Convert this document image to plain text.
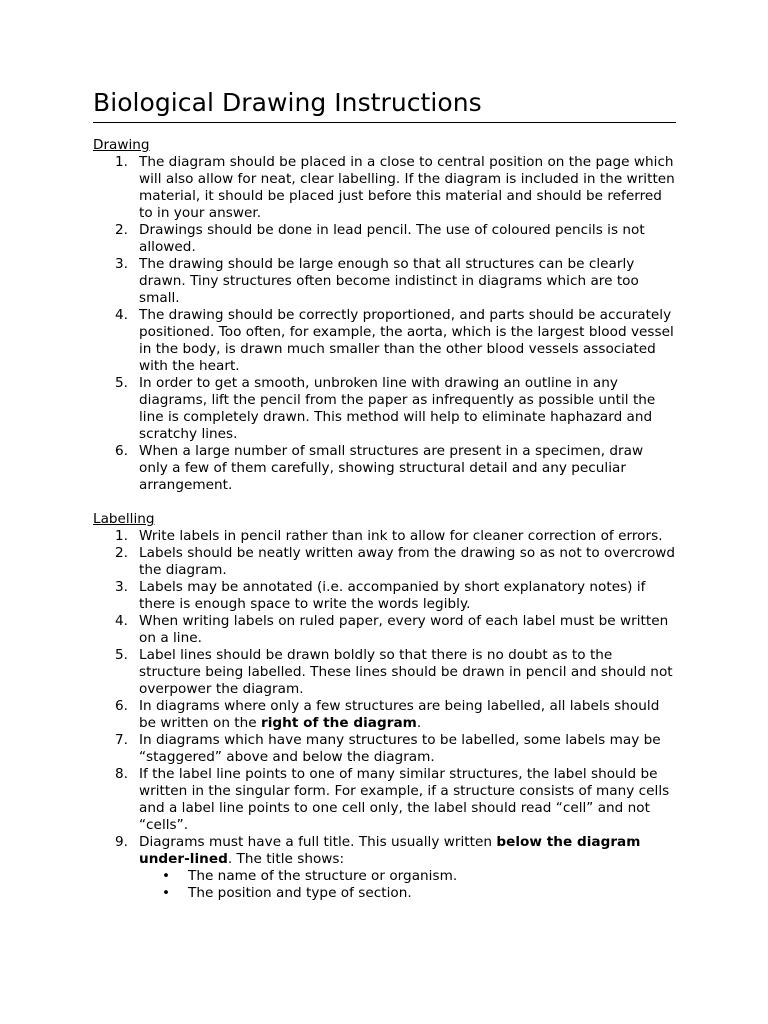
Biological Drawing Instructions

Drawing

1. The diagram should be placed in a close to central position on the page which will also allow for neat, clear labelling. If the diagram is included in the written material, it should be placed just before this material and should be referred to in your answer.
2. Drawings should be done in lead pencil. The use of coloured pencils is not allowed.
3. The drawing should be large enough so that all structures can be clearly drawn. Tiny structures often become indistinct in diagrams which are too small.
4. The drawing should be correctly proportioned, and parts should be accurately positioned. Too often, for example, the aorta, which is the largest blood vessel in the body, is drawn much smaller than the other blood vessels associated with the heart.
5. In order to get a smooth, unbroken line with drawing an outline in any diagrams, lift the pencil from the paper as infrequently as possible until the line is completely drawn. This method will help to eliminate haphazard and scratchy lines.
6. When a large number of small structures are present in a specimen, draw only a few of them carefully, showing structural detail and any peculiar arrangement.

Labelling

1. Write labels in pencil rather than ink to allow for cleaner correction of errors.
2. Labels should be neatly written away from the drawing so as not to overcrowd the diagram.
3. Labels may be annotated (i.e. accompanied by short explanatory notes) if there is enough space to write the words legibly.
4. When writing labels on ruled paper, every word of each label must be written on a line.
5. Label lines should be drawn boldly so that there is no doubt as to the structure being labelled. These lines should be drawn in pencil and should not overpower the diagram.
6. In diagrams where only a few structures are being labelled, all labels should be written on the right of the diagram.
7. In diagrams which have many structures to be labelled, some labels may be “staggered” above and below the diagram.
8. If the label line points to one of many similar structures, the label should be written in the singular form. For example, if a structure consists of many cells and a label line points to one cell only, the label should read “cell” and not “cells”.
9. Diagrams must have a full title. This usually written below the diagram under-lined. The title shows:
• The name of the structure or organism.
• The position and type of section.
